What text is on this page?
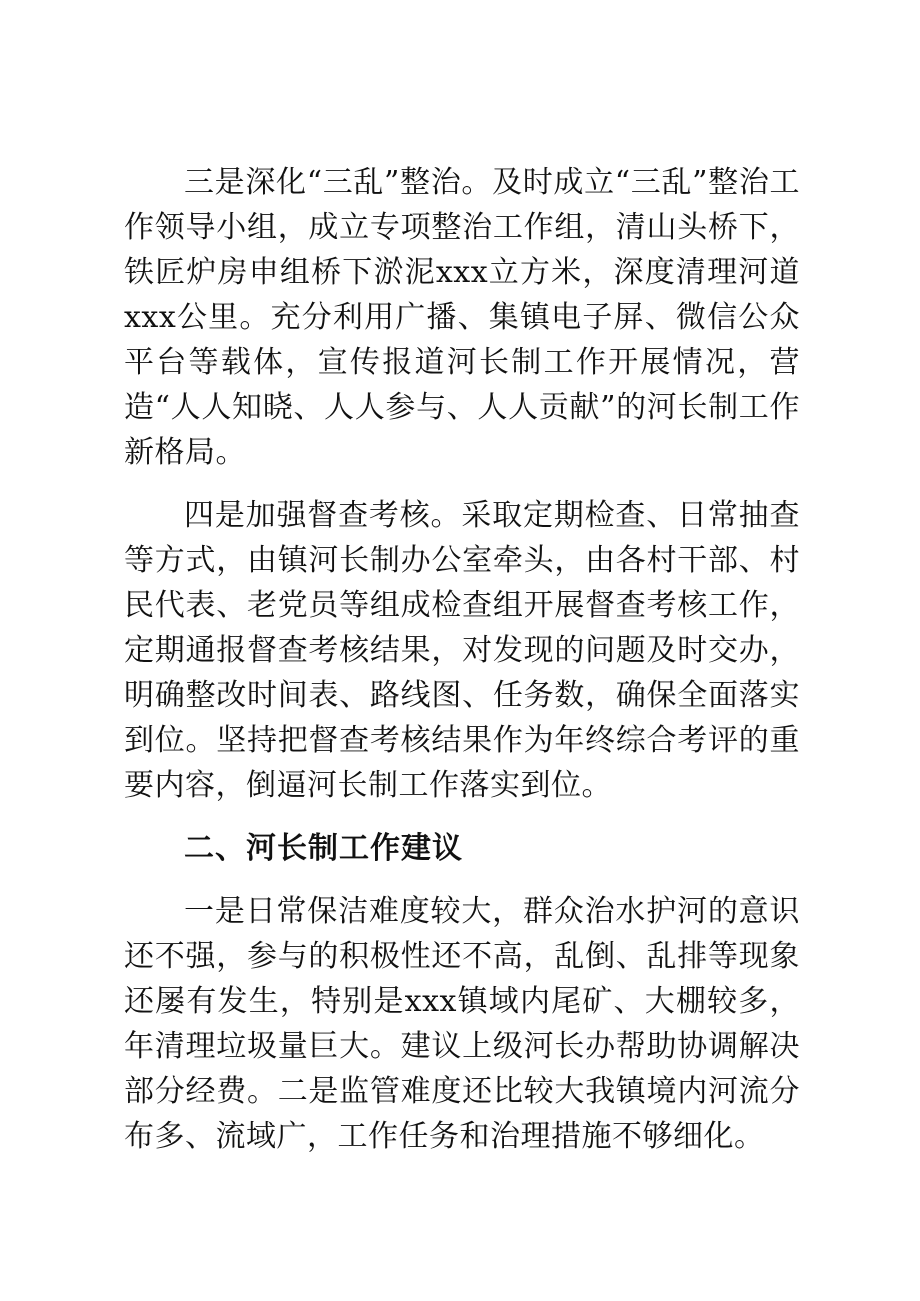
三是深化“三乱”整治。及时成立“三乱”整治工作领导小组，成立专项整治工作组，清山头桥下，铁匠炉房申组桥下淤泥xxx立方米，深度清理河道xxx公里。充分利用广播、集镇电子屏、微信公众平台等载体，宣传报道河长制工作开展情况，营造“人人知晓、人人参与、人人贡献”的河长制工作新格局。

四是加强督查考核。采取定期检查、日常抽查等方式，由镇河长制办公室牵头，由各村干部、村民代表、老党员等组成检查组开展督查考核工作，定期通报督查考核结果，对发现的问题及时交办，明确整改时间表、路线图、任务数，确保全面落实到位。坚持把督查考核结果作为年终综合考评的重要内容，倒逼河长制工作落实到位。

二、河长制工作建议

一是日常保洁难度较大，群众治水护河的意识还不强，参与的积极性还不高，乱倒、乱排等现象还屡有发生，特别是xxx镇域内尾矿、大棚较多，年清理垃圾量巨大。建议上级河长办帮助协调解决部分经费。二是监管难度还比较大我镇境内河流分布多、流域广，工作任务和治理措施不够细化。
